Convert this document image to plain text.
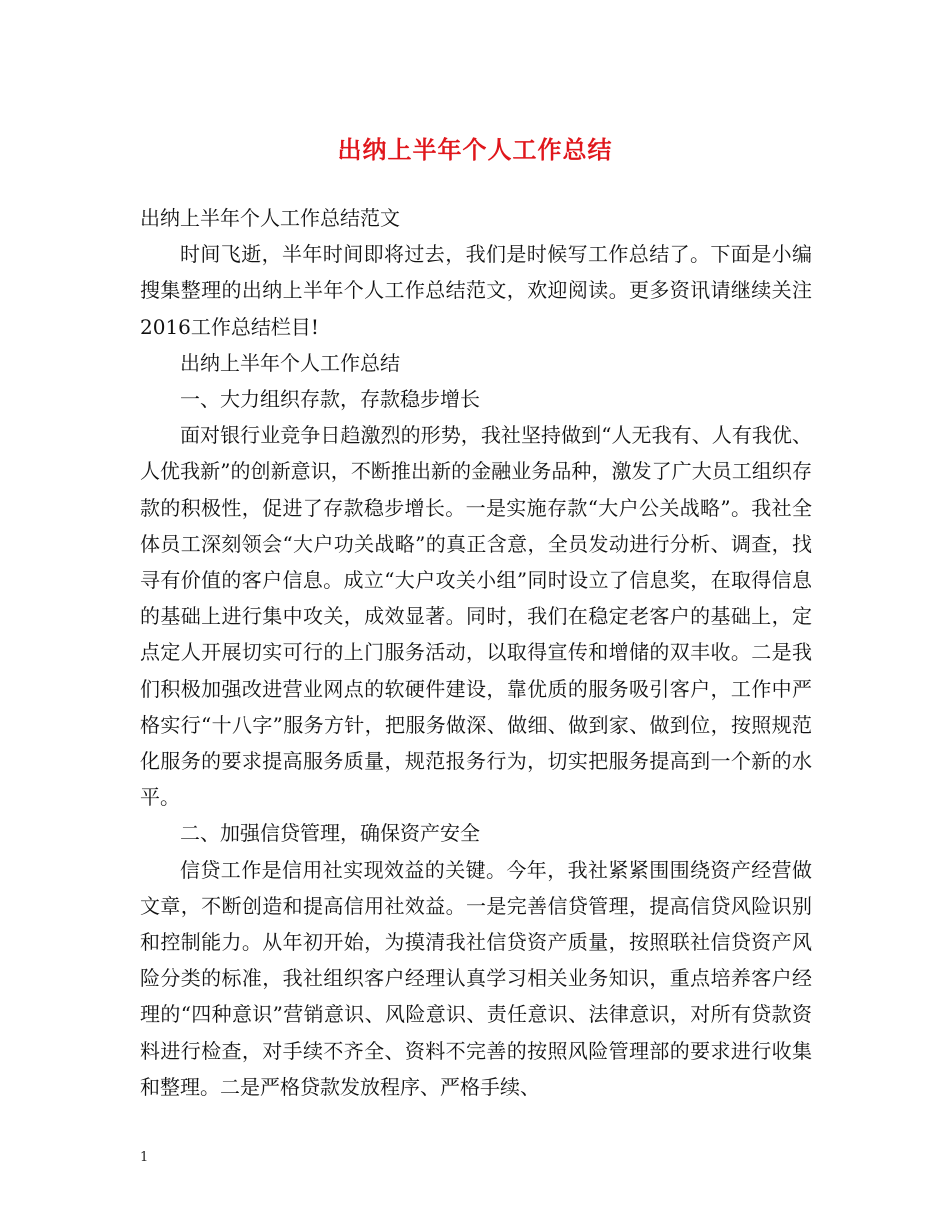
出纳上半年个人工作总结

出纳上半年个人工作总结范文

时间飞逝，半年时间即将过去，我们是时候写工作总结了。下面是小编搜集整理的出纳上半年个人工作总结范文，欢迎阅读。更多资讯请继续关注2016工作总结栏目!

出纳上半年个人工作总结

一、大力组织存款，存款稳步增长

面对银行业竞争日趋激烈的形势，我社坚持做到“人无我有、人有我优、人优我新”的创新意识，不断推出新的金融业务品种，激发了广大员工组织存款的积极性，促进了存款稳步增长。一是实施存款“大户公关战略”。我社全体员工深刻领会“大户功关战略”的真正含意，全员发动进行分析、调查，找寻有价值的客户信息。成立“大户攻关小组”同时设立了信息奖，在取得信息的基础上进行集中攻关，成效显著。同时，我们在稳定老客户的基础上，定点定人开展切实可行的上门服务活动，以取得宣传和增储的双丰收。二是我们积极加强改进营业网点的软硬件建设，靠优质的服务吸引客户，工作中严格实行“十八字”服务方针，把服务做深、做细、做到家、做到位，按照规范化服务的要求提高服务质量，规范报务行为，切实把服务提高到一个新的水平。

二、加强信贷管理，确保资产安全

信贷工作是信用社实现效益的关键。今年，我社紧紧围围绕资产经营做文章，不断创造和提高信用社效益。一是完善信贷管理，提高信贷风险识别和控制能力。从年初开始，为摸清我社信贷资产质量，按照联社信贷资产风险分类的标准，我社组织客户经理认真学习相关业务知识，重点培养客户经理的“四种意识”营销意识、风险意识、责任意识、法律意识，对所有贷款资料进行检查，对手续不齐全、资料不完善的按照风险管理部的要求进行收集和整理。二是严格贷款发放程序、严格手续、

1
